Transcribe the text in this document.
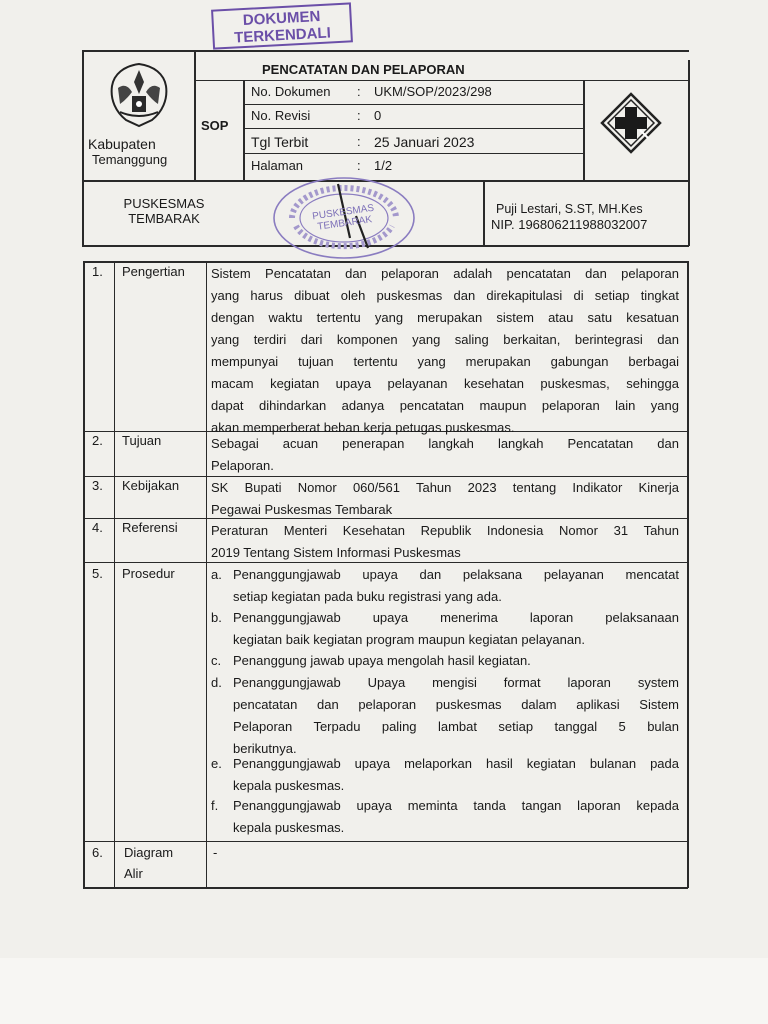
DOKUMEN
TERKENDALI
Kabupaten
Temanggung
SOP
PENCATATAN DAN PELAPORAN
No. Dokumen : UKM/SOP/2023/298
No. Revisi	: 0
Tgl Terbit	: 25 Januari 2023
Halaman	: 1/2
PUSKESMAS
TEMBARAK	PUSKESMAS TEMBARAK
Puji Lestari, S.ST, MH.Kes
NIP. 196806211988032007
1. Pengertian Sistem Pencatatan dan pelaporan adalah pencatatan dan pelaporan
yang harus dibuat oleh puskesmas dan direkapitulasi di setiap tingkat
dengan waktu tertentu yang merupakan sistem atau satu kesatuan
yang terdiri dari komponen yang saling berkaitan, berintegrasi dan
mempunyai tujuan tertentu yang merupakan gabungan berbagai
macam kegiatan upaya pelayanan kesehatan puskesmas, sehingga
dapat dihindarkan adanya pencatatan maupun pelaporan lain yang
akan memperberat beban kerja petugas puskesmas.
2. Tujuan	Sebagai acuan penerapan langkah langkah Pencatatan dan
Pelaporan.
3. Kebijakan SK Bupati Nomor 060/561 Tahun 2023 tentang Indikator Kinerja
Pegawai Puskesmas Tembarak
4. Referensi	Peraturan Menteri Kesehatan Republik Indonesia Nomor 31 Tahun
2019 Tentang Sistem Informasi Puskesmas
5. Prosedur	a. Penanggungjawab upaya dan pelaksana pelayanan mencatat
setiap kegiatan pada buku registrasi yang ada.
b. Penanggungjawab upaya menerima laporan pelaksanaan
kegiatan baik kegiatan program maupun kegiatan pelayanan.
c. Penanggung jawab upaya mengolah hasil kegiatan.
d. Penanggungjawab Upaya mengisi format laporan system
pencatatan dan pelaporan puskesmas dalam aplikasi Sistem
Pelaporan Terpadu paling lambat setiap tanggal 5 bulan
berikutnya.
e. Penanggungjawab upaya melaporkan hasil kegiatan bulanan pada
kepala puskesmas.
f. Penanggungjawab upaya meminta tanda tangan laporan kepada
kepala puskesmas.
6. Diagram
Alir
-
